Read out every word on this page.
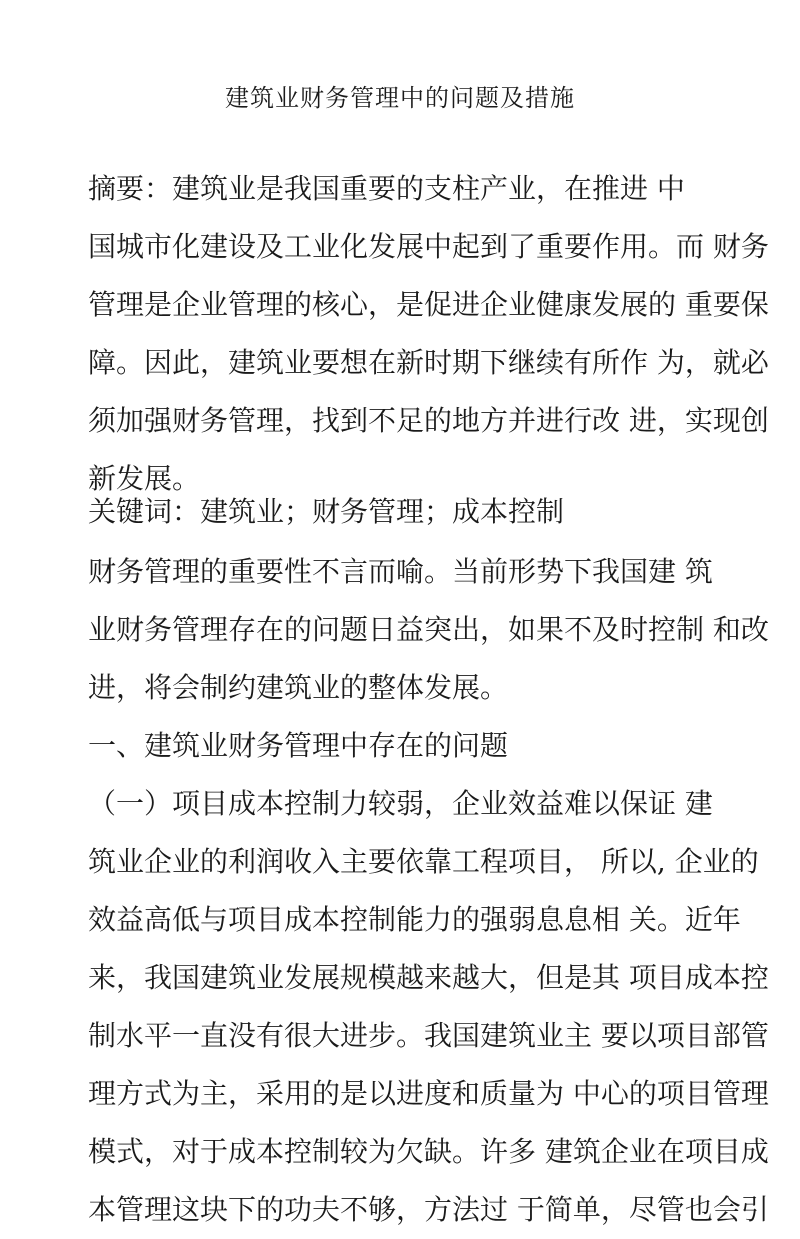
建筑业财务管理中的问题及措施

摘要：建筑业是我国重要的支柱产业，在推进 中

国城市化建设及工业化发展中起到了重要作用。而 财务

管理是企业管理的核心，是促进企业健康发展的 重要保

障。因此，建筑业要想在新时期下继续有所作 为，就必

须加强财务管理，找到不足的地方并进行改 进，实现创

新发展。

关键词：建筑业；财务管理；成本控制

财务管理的重要性不言而喻。当前形势下我国建 筑

业财务管理存在的问题日益突出，如果不及时控制 和改

进，将会制约建筑业的整体发展。

一、建筑业财务管理中存在的问题

（一）项目成本控制力较弱，企业效益难以保证 建

筑业企业的利润收入主要依靠工程项目， 所以, 企业的

效益高低与项目成本控制能力的强弱息息相 关。近年

来，我国建筑业发展规模越来越大，但是其 项目成本控

制水平一直没有很大进步。我国建筑业主 要以项目部管

理方式为主，采用的是以进度和质量为 中心的项目管理

模式，对于成本控制较为欠缺。许多 建筑企业在项目成

本管理这块下的功夫不够，方法过 于简单，尽管也会引
